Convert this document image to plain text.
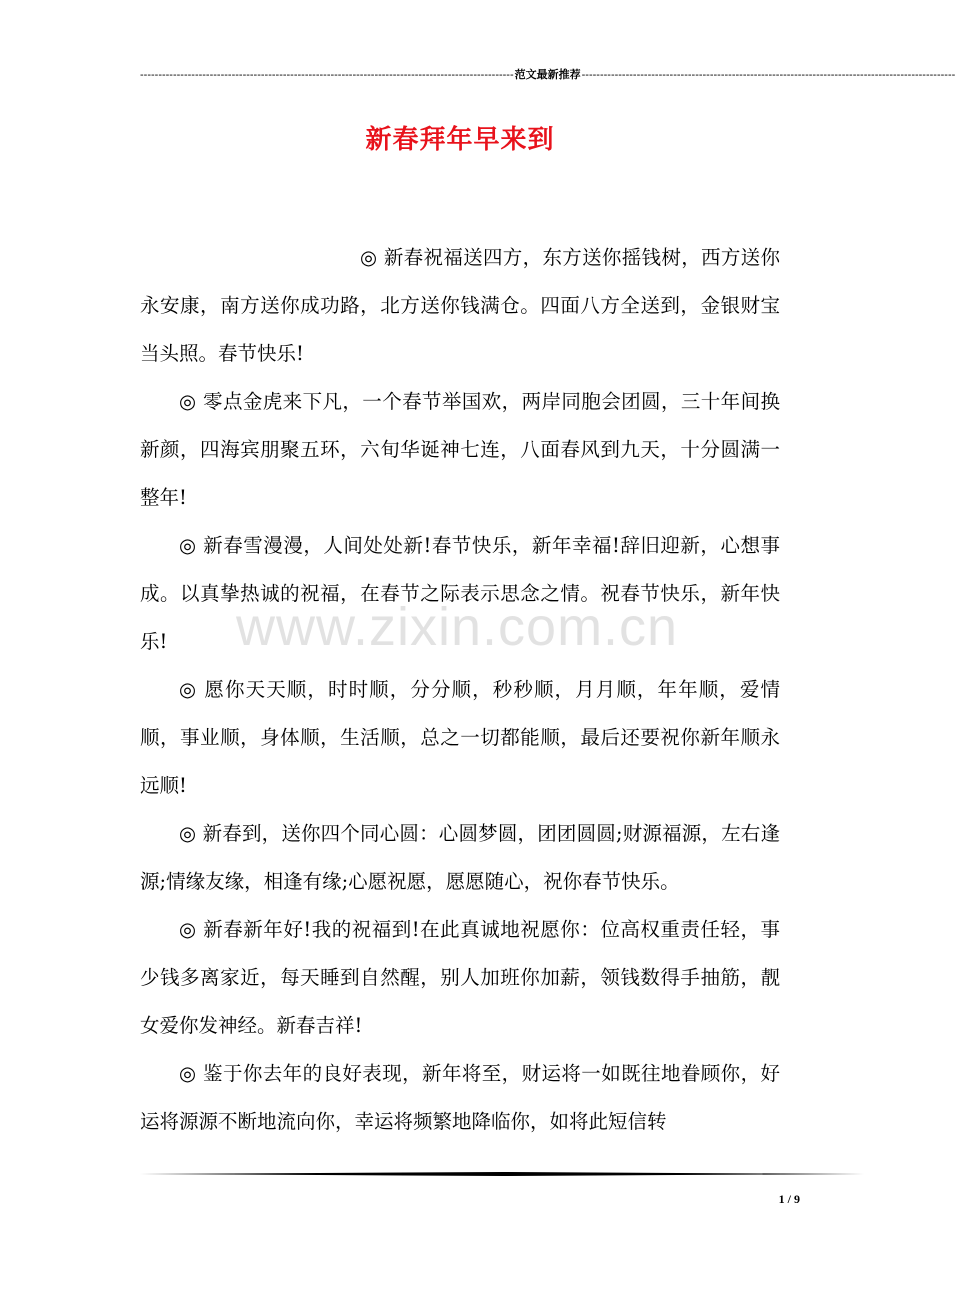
------------------------------------------------------------------------------------------------------ 范文最新推荐 ------------------------------------------------------------------------------------------------------
新春拜年早来到

◎ 新春祝福送四方，东方送你摇钱树，西方送你永安康，南方送你成功路，北方送你钱满仓。四面八方全送到，金银财宝当头照。春节快乐!

◎ 零点金虎来下凡，一个春节举国欢，两岸同胞会团圆，三十年间换新颜，四海宾朋聚五环，六旬华诞神七连，八面春风到九天，十分圆满一整年!

◎ 新春雪漫漫，人间处处新!春节快乐，新年幸福!辞旧迎新，心想事成。以真挚热诚的祝福，在春节之际表示思念之情。祝春节快乐，新年快乐!

◎ 愿你天天顺，时时顺，分分顺，秒秒顺，月月顺，年年顺，爱情顺，事业顺，身体顺，生活顺，总之一切都能顺，最后还要祝你新年顺永远顺!

◎ 新春到，送你四个同心圆：心圆梦圆，团团圆圆;财源福源，左右逢源;情缘友缘，相逢有缘;心愿祝愿，愿愿随心，祝你春节快乐。

◎ 新春新年好!我的祝福到!在此真诚地祝愿你：位高权重责任轻，事少钱多离家近，每天睡到自然醒，别人加班你加薪，领钱数得手抽筋，靓女爱你发神经。新春吉祥!

◎ 鉴于你去年的良好表现，新年将至，财运将一如既往地眷顾你，好运将源源不断地流向你，幸运将频繁地降临你，如将此短信转

www.zixin.com.cn
1 / 9
